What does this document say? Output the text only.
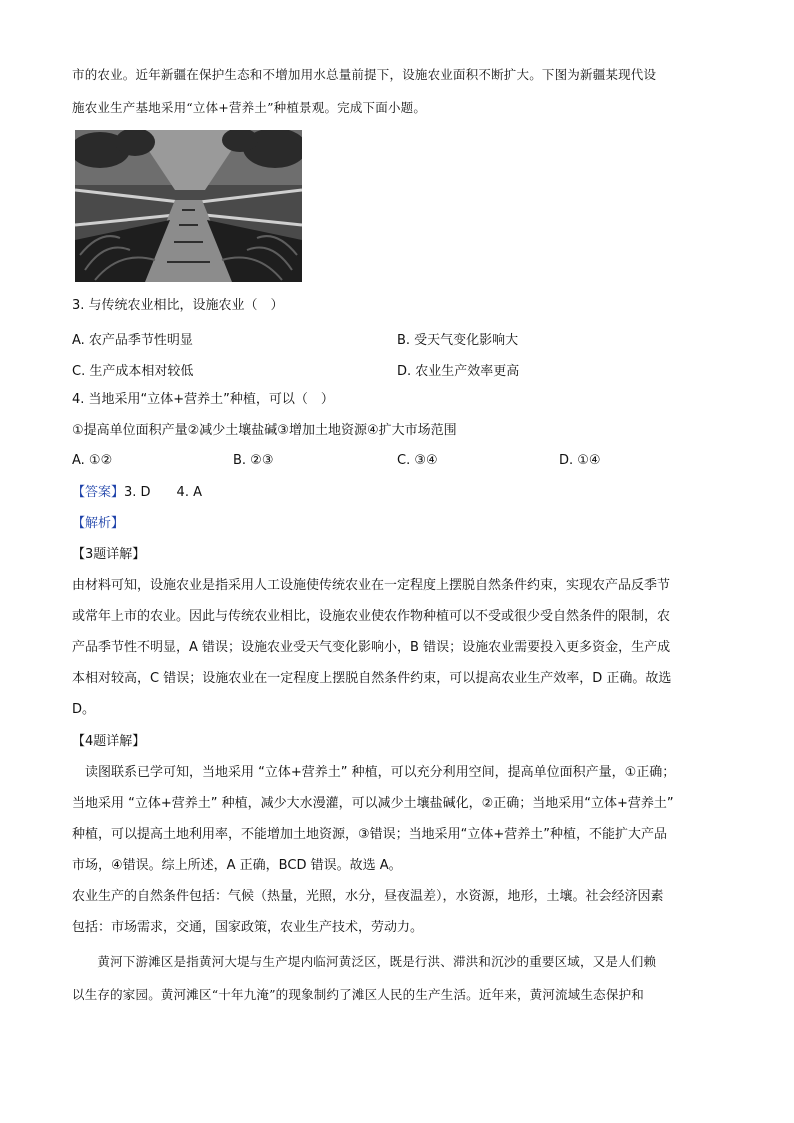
市的农业。近年新疆在保护生态和不增加用水总量前提下，设施农业面积不断扩大。下图为新疆某现代设
施农业生产基地采用“立体+营养土”种植景观。完成下面小题。
3. 与传统农业相比，设施农业（　）
A. 农产品季节性明显	B. 受天气变化影响大
C. 生产成本相对较低	D. 农业生产效率更高
4. 当地采用“立体+营养土”种植，可以（　）
①提高单位面积产量②减少土壤盐碱③增加土地资源④扩大市场范围
A. ①②	B. ②③	C. ③④	D. ①④
【答案】3. D　　4. A
【解析】
【3题详解】
由材料可知，设施农业是指采用人工设施使传统农业在一定程度上摆脱自然条件约束，实现农产品反季节
或常年上市的农业。因此与传统农业相比，设施农业使农作物种植可以不受或很少受自然条件的限制，农
产品季节性不明显，A 错误；设施农业受天气变化影响小，B 错误；设施农业需要投入更多资金，生产成
本相对较高，C 错误；设施农业在一定程度上摆脱自然条件约束，可以提高农业生产效率，D 正确。故选
D。
【4题详解】
　读图联系已学可知，当地采用 “立体+营养土” 种植，可以充分利用空间，提高单位面积产量，①正确；
当地采用 “立体+营养土” 种植，减少大水漫灌，可以减少土壤盐碱化，②正确；当地采用“立体+营养土”
种植，可以提高土地利用率，不能增加土地资源，③错误；当地采用“立体+营养土”种植，不能扩大产品
市场，④错误。综上所述，A 正确，BCD 错误。故选 A。
农业生产的自然条件包括：气候（热量，光照，水分，昼夜温差），水资源，地形，土壤。社会经济因素
包括：市场需求，交通，国家政策，农业生产技术，劳动力。
　　黄河下游滩区是指黄河大堤与生产堤内临河黄泛区，既是行洪、滞洪和沉沙的重要区域，又是人们赖
以生存的家园。黄河滩区“十年九淹”的现象制约了滩区人民的生产生活。近年来，黄河流域生态保护和
